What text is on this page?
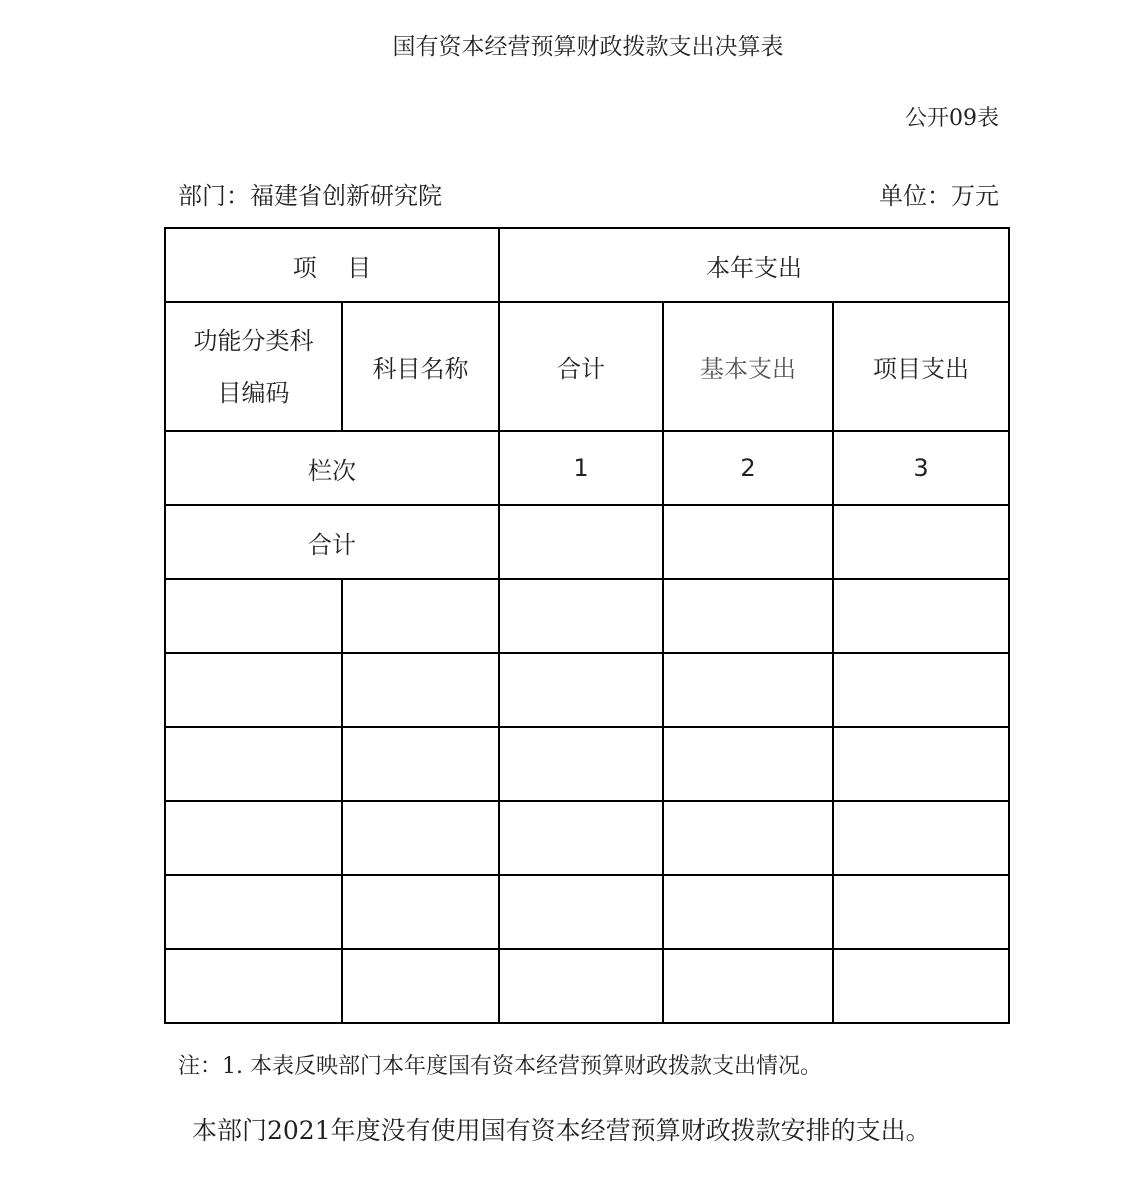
国有资本经营预算财政拨款支出决算表
公开09表
部门：福建省创新研究院	单位：万元
项    目		本年支出		
功能分类科目编码	科目名称	合计	基本支出	项目支出
栏次		1	2	3
合计				

注：1. 本表反映部门本年度国有资本经营预算财政拨款支出情况。
本部门2021年度没有使用国有资本经营预算财政拨款安排的支出。
